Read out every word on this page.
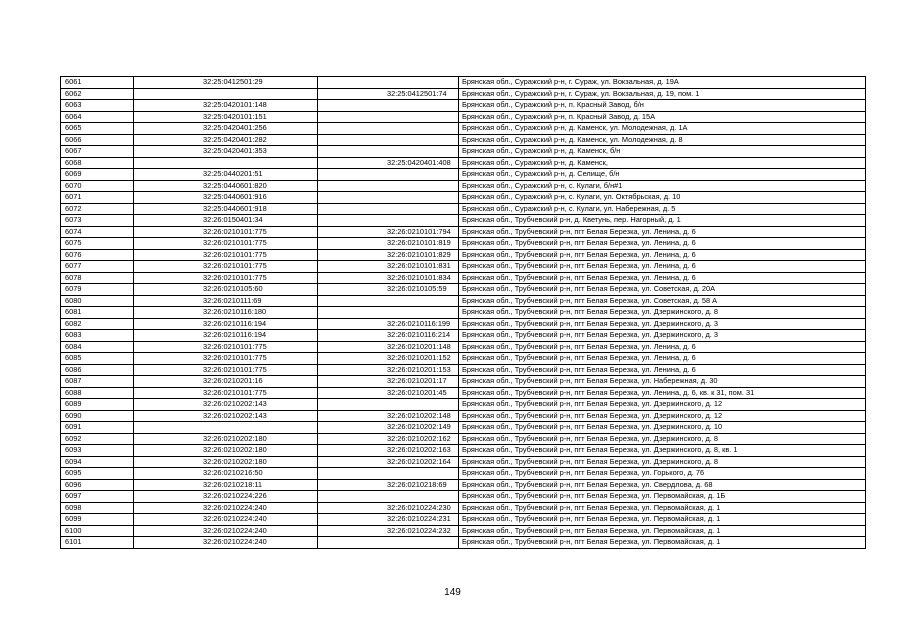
6061	32:25:0412501:29		Брянская обл., Суражский р-н, г. Сураж, ул. Вокзальная, д. 19А
6062		32:25:0412501:74	Брянская обл., Суражский р-н, г. Сураж, ул. Вокзальная, д. 19, пом. 1
6063	32:25:0420101:148		Брянская обл., Суражский р-н, п. Красный Завод, б/н
6064	32:25:0420101:151		Брянская обл., Суражский р-н, п. Красный Завод, д. 15А
6065	32:25:0420401:256		Брянская обл., Суражский р-н, д. Каменск, ул. Молодежная, д. 1А
6066	32:25:0420401:282		Брянская обл., Суражский р-н, д. Каменск, ул. Молодежная, д. 8
6067	32:25:0420401:353		Брянская обл., Суражский р-н, д. Каменск, б/н
6068		32:25:0420401:408	Брянская обл., Суражский р-н, д. Каменск,
6069	32:25:0440201:51		Брянская обл., Суражский р-н, д. Селище, б/н
6070	32:25:0440601:820		Брянская обл., Суражский р-н, с. Кулаги, б/н#1
6071	32:25:0440601:916		Брянская обл., Суражский р-н, с. Кулаги, ул. Октябрьская, д. 10
6072	32:25:0440601:918		Брянская обл., Суражский р-н, с. Кулаги, ул. Набережная, д. 5
6073	32:26:0150401:34		Брянская обл., Трубчевский р-н, д. Кветунь, пер. Нагорный, д. 1
6074	32:26:0210101:775	32:26:0210101:794	Брянская обл., Трубчевский р-н, пгт Белая Березка, ул. Ленина, д. 6
6075	32:26:0210101:775	32:26:0210101:819	Брянская обл., Трубчевский р-н, пгт Белая Березка, ул. Ленина, д. 6
6076	32:26:0210101:775	32:26:0210101:829	Брянская обл., Трубчевский р-н, пгт Белая Березка, ул. Ленина, д. 6
6077	32:26:0210101:775	32:26:0210101:831	Брянская обл., Трубчевский р-н, пгт Белая Березка, ул. Ленина, д. 6
6078	32:26:0210101:775	32:26:0210101:834	Брянская обл., Трубчевский р-н, пгт Белая Березка, ул. Ленина, д. 6
6079	32:26:0210105:60	32:26:0210105:59	Брянская обл., Трубчевский р-н, пгт Белая Березка, ул. Советская, д. 20А
6080	32:26:0210111:69		Брянская обл., Трубчевский р-н, пгт Белая Березка, ул. Советская, д. 58 А
6081	32:26:0210116:180		Брянская обл., Трубчевский р-н, пгт Белая Березка, ул. Дзержинского, д. 8
6082	32:26:0210116:194	32:26:0210116:199	Брянская обл., Трубчевский р-н, пгт Белая Березка, ул. Дзержинского, д. 3
6083	32:26:0210116:194	32:26:0210116:214	Брянская обл., Трубчевский р-н, пгт Белая Березка, ул. Дзержинского, д. 3
6084	32:26:0210101:775	32:26:0210201:148	Брянская обл., Трубчевский р-н, пгт Белая Березка, ул. Ленина, д. 6
6085	32:26:0210101:775	32:26:0210201:152	Брянская обл., Трубчевский р-н, пгт Белая Березка, ул. Ленина, д. 6
6086	32:26:0210101:775	32:26:0210201:153	Брянская обл., Трубчевский р-н, пгт Белая Березка, ул. Ленина, д. 6
6087	32:26:0210201:16	32:26:0210201:17	Брянская обл., Трубчевский р-н, пгт Белая Березка, ул. Набережная, д. 30
6088	32:26:0210101:775	32:26:0210201:45	Брянская обл., Трубчевский р-н, пгт Белая Березка, ул. Ленина, д. 6, кв. к 31, пом. 31
6089	32:26:0210202:143		Брянская обл., Трубчевский р-н, пгт Белая Березка, ул. Дзержинского, д. 12
6090	32:26:0210202:143	32:26:0210202:148	Брянская обл., Трубчевский р-н, пгт Белая Березка, ул. Дзержинского, д. 12
6091		32:26:0210202:149	Брянская обл., Трубчевский р-н, пгт Белая Березка, ул. Дзержинского, д. 10
6092	32:26:0210202:180	32:26:0210202:162	Брянская обл., Трубчевский р-н, пгт Белая Березка, ул. Дзержинского, д. 8
6093	32:26:0210202:180	32:26:0210202:163	Брянская обл., Трубчевский р-н, пгт Белая Березка, ул. Дзержинского, д. 8, кв. 1
6094	32:26:0210202:180	32:26:0210202:164	Брянская обл., Трубчевский р-н, пгт Белая Березка, ул. Дзержинского, д. 8
6095	32:26:0210216:50		Брянская обл., Трубчевский р-н, пгт Белая Березка, ул. Горького, д. 76
6096	32:26:0210218:11	32:26:0210218:69	Брянская обл., Трубчевский р-н, пгт Белая Березка, ул. Свердлова, д. 68
6097	32:26:0210224:226		Брянская обл., Трубчевский р-н, пгт Белая Березка, ул. Первомайская, д. 1Б
6098	32:26:0210224:240	32:26:0210224:230	Брянская обл., Трубчевский р-н, пгт Белая Березка, ул. Первомайская, д. 1
6099	32:26:0210224:240	32:26:0210224:231	Брянская обл., Трубчевский р-н, пгт Белая Березка, ул. Первомайская, д. 1
6100	32:26:0210224:240	32:26:0210224:232	Брянская обл., Трубчевский р-н, пгт Белая Березка, ул. Первомайская, д. 1
6101	32:26:0210224:240		Брянская обл., Трубчевский р-н, пгт Белая Березка, ул. Первомайская, д. 1
149
